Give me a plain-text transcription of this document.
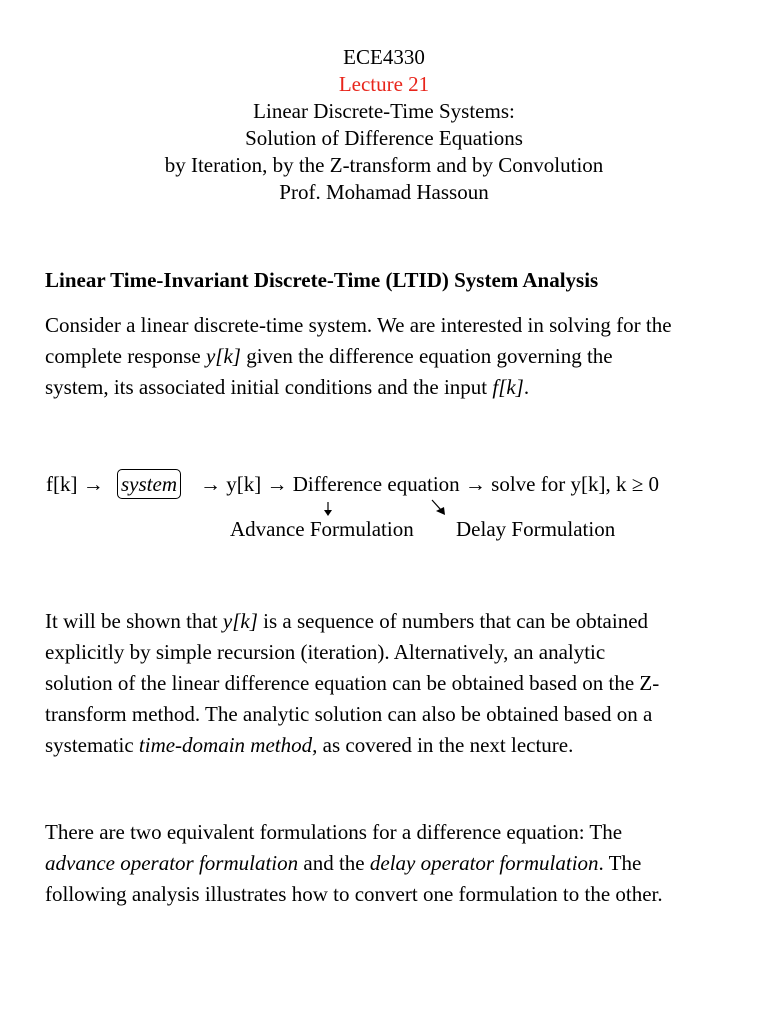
ECE4330
Lecture 21
Linear Discrete-Time Systems:
Solution of Difference Equations
by Iteration, by the Z-transform and by Convolution
Prof. Mohamad Hassoun
Linear Time-Invariant Discrete-Time (LTID) System Analysis
Consider a linear discrete-time system. We are interested in solving for the
complete response y[k] given the difference equation governing the
system, its associated initial conditions and the input f[k].
f[k] → system → y[k] → Difference equation → solve for y[k], k ≥ 0
Advance Formulation Delay Formulation
It will be shown that y[k] is a sequence of numbers that can be obtained
explicitly by simple recursion (iteration). Alternatively, an analytic
solution of the linear difference equation can be obtained based on the Z-
transform method. The analytic solution can also be obtained based on a
systematic time-domain method, as covered in the next lecture.
There are two equivalent formulations for a difference equation: The
advance operator formulation and the delay operator formulation. The
following analysis illustrates how to convert one formulation to the other.
